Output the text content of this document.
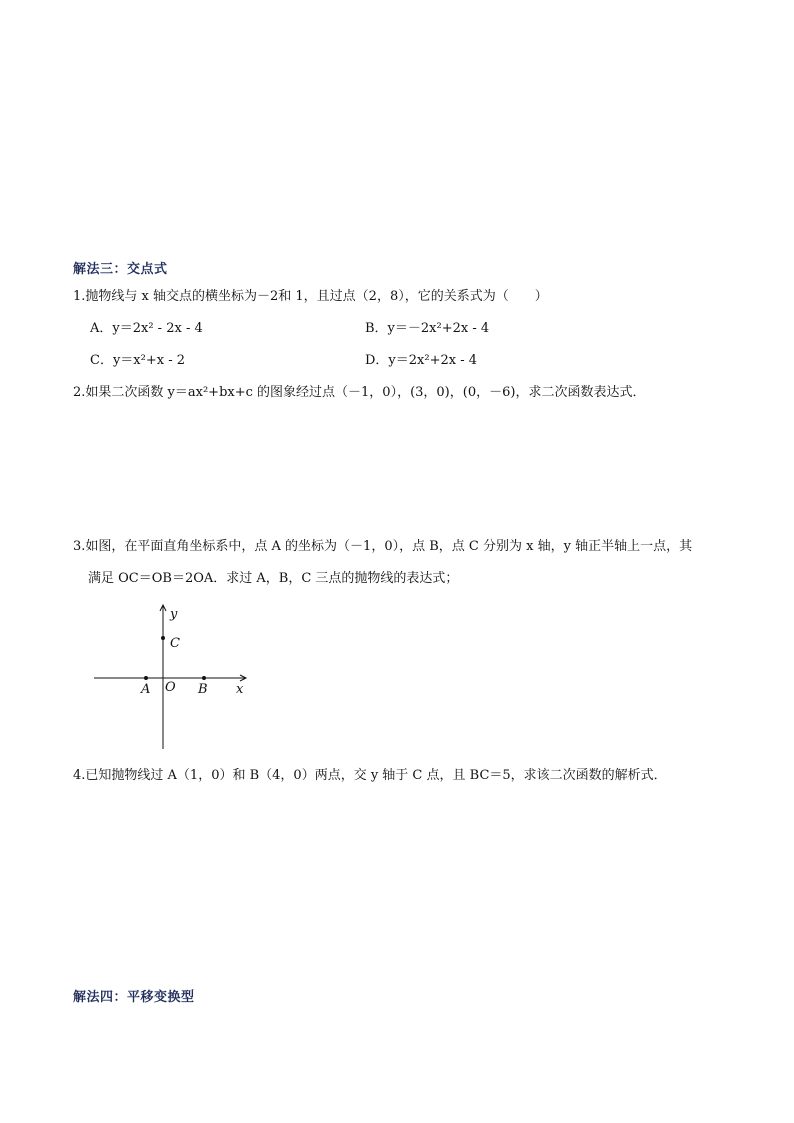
解法三：交点式
1.抛物线与 x 轴交点的横坐标为－2和 1，且过点（2，8），它的关系式为（　　）
A．y＝2x² - 2x - 4	B．y＝－2x²+2x - 4
C．y＝x²+x - 2	D．y＝2x²+2x - 4
2.如果二次函数 y＝ax²+bx+c 的图象经过点（－1，0），(3，0)，(0，－6)，求二次函数表达式．
3.如图，在平面直角坐标系中，点 A 的坐标为（－1，0），点 B，点 C 分别为 x 轴，y 轴正半轴上一点，其
满足 OC＝OB＝2OA．求过 A，B，C 三点的抛物线的表达式；
y
C
A O B x
4.已知抛物线过 A（1，0）和 B（4，0）两点，交 y 轴于 C 点，且 BC＝5，求该二次函数的解析式．
解法四：平移变换型
